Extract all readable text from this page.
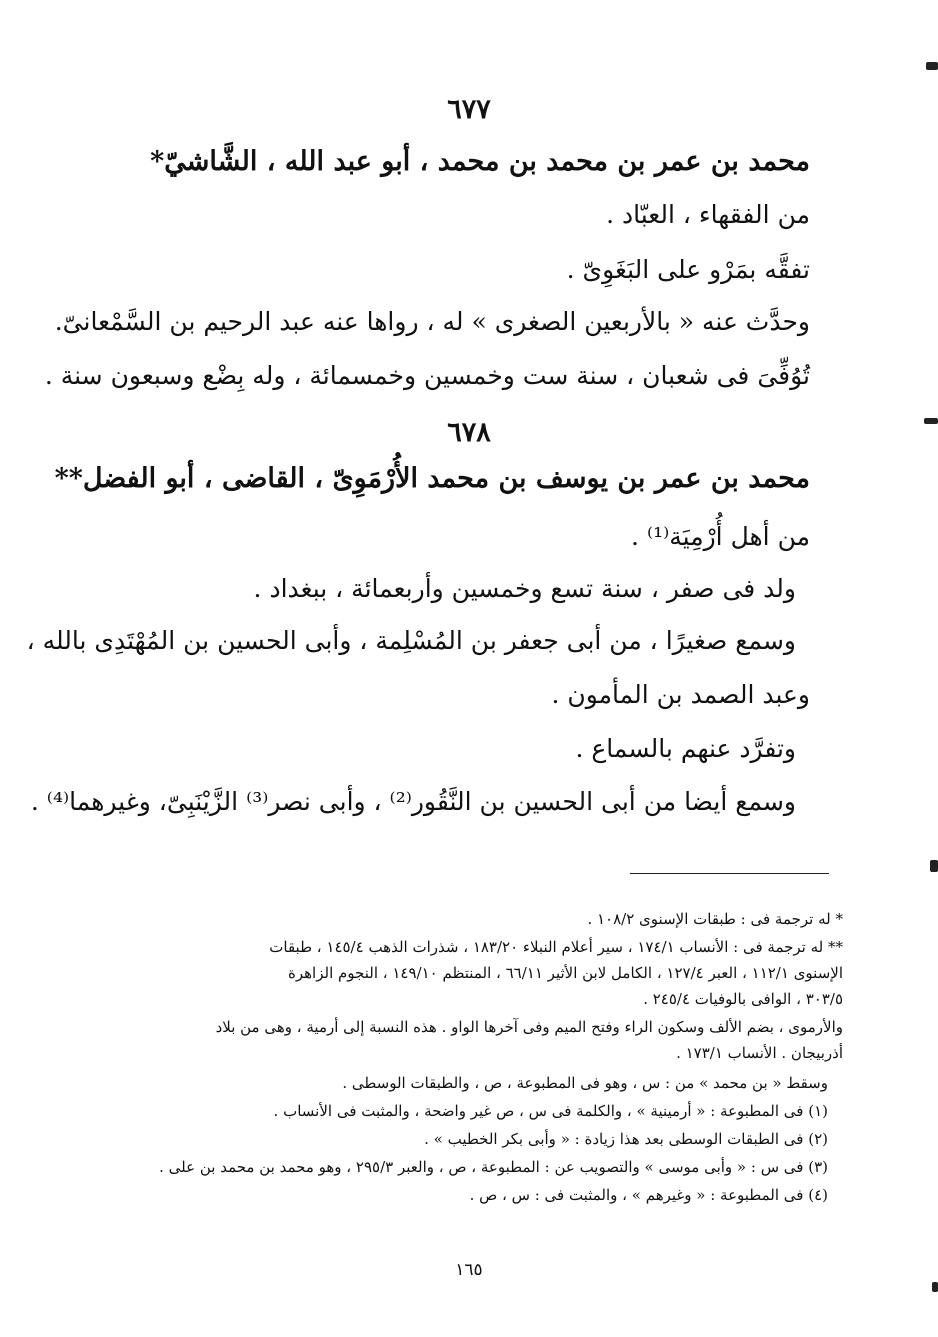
٦٧٧
محمد بن عمر بن محمد بن محمد ، أبو عبد الله ، الشَّاشيّ*
من الفقهاء ، العبّاد .
تفقَّه بمَرْو على البَغَوِىّ .
وحدَّث عنه « بالأربعين الصغرى » له ، رواها عنه عبد الرحيم بن السَّمْعانىّ.
تُوُفِّىَ فى شعبان ، سنة ست وخمسين وخمسمائة ، وله بِضْع وسبعون سنة .
٦٧٨
محمد بن عمر بن يوسف بن محمد الأُرْمَوِىّ ، القاضى ، أبو الفضل**
من أهل أُرْمِيَة⁽¹⁾ .
ولد فى صفر ، سنة تسع وخمسين وأربعمائة ، ببغداد .
وسمع صغيرًا ، من أبى جعفر بن المُسْلِمة ، وأبى الحسين بن المُهْتَدِى بالله ،
وعبد الصمد بن المأمون .
وتفرَّد عنهم بالسماع .
وسمع أيضا من أبى الحسين بن النَّقُور⁽²⁾ ، وأبى نصر⁽³⁾ الزَّيْنَبِىّ، وغيرهما⁽⁴⁾ .
* له ترجمة فى : طبقات الإسنوى ١٠٨/٢ .
** له ترجمة فى : الأنساب ١٧٤/١ ، سير أعلام النبلاء ١٨٣/٢٠ ، شذرات الذهب ١٤٥/٤ ، طبقات
الإسنوى ١١٢/١ ، العبر ١٢٧/٤ ، الكامل لابن الأثير ٦٦/١١ ، المنتظم ١٤٩/١٠ ، النجوم الزاهرة
٣٠٣/٥ ، الوافى بالوفيات ٢٤٥/٤ .
والأرموى ، بضم الألف وسكون الراء وفتح الميم وفى آخرها الواو . هذه النسبة إلى أرمية ، وهى من بلاد
أذربيجان . الأنساب ١٧٣/١ .
وسقط « بن محمد » من : س ، وهو فى المطبوعة ، ص ، والطبقات الوسطى .
(١) فى المطبوعة : « أرمينية » ، والكلمة فى س ، ص غير واضحة ، والمثبت فى الأنساب .
(٢) فى الطبقات الوسطى بعد هذا زيادة : « وأبى بكر الخطيب » .
(٣) فى س : « وأبى موسى » والتصويب عن : المطبوعة ، ص ، والعبر ٢٩٥/٣ ، وهو محمد بن محمد بن على .
(٤) فى المطبوعة : « وغيرهم » ، والمثبت فى : س ، ص .
١٦٥
